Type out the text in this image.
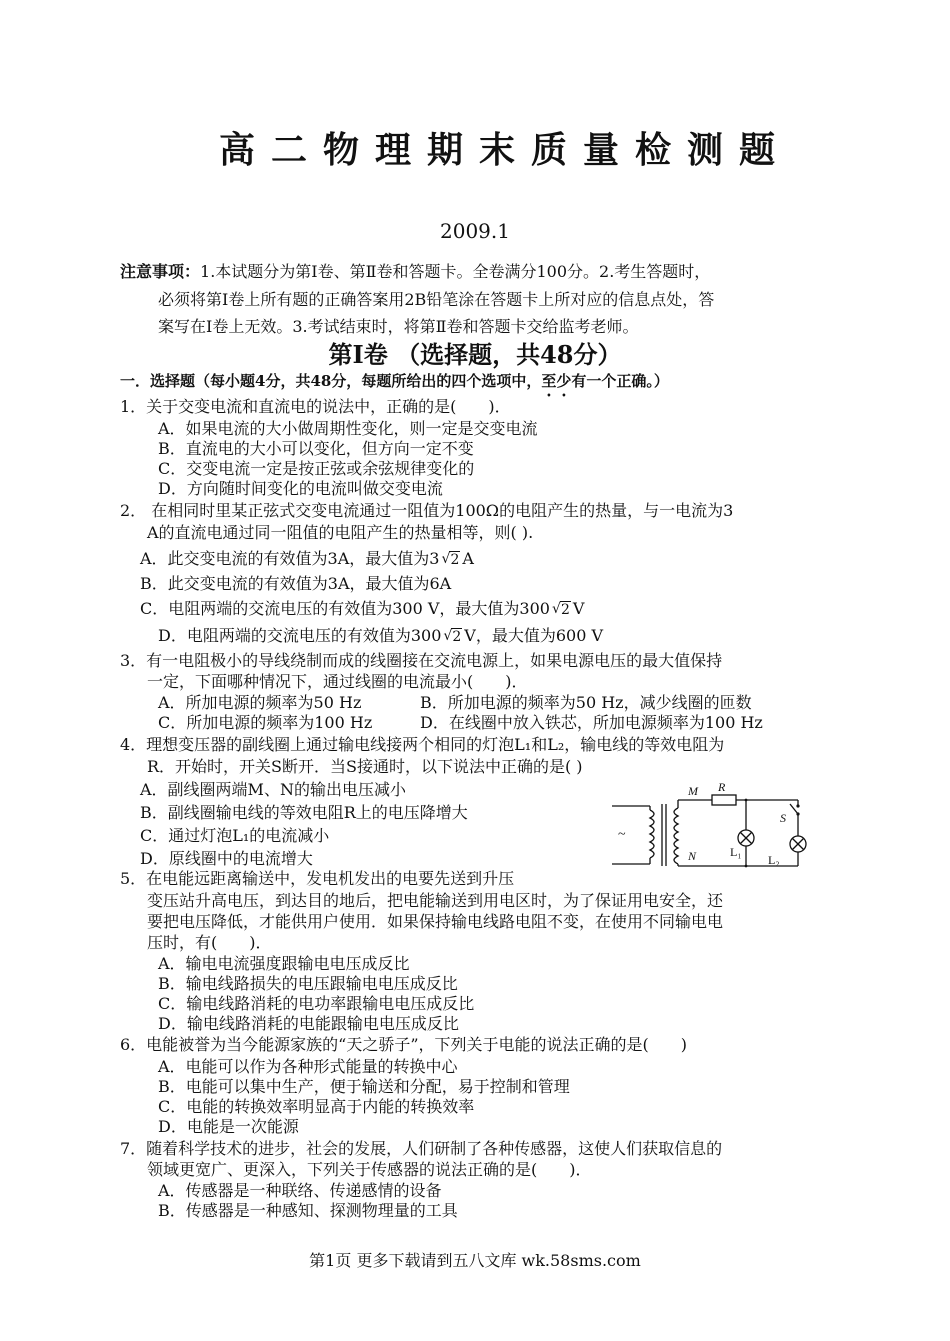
高二物理期末质量检测题
2009.1
注意事项：1.本试题分为第Ⅰ卷、第Ⅱ卷和答题卡。全卷满分100分。2.考生答题时，
必须将第Ⅰ卷上所有题的正确答案用2B铅笔涂在答题卡上所对应的信息点处，答
案写在Ⅰ卷上无效。3.考试结束时，将第Ⅱ卷和答题卡交给监考老师。
第Ⅰ卷 （选择题，共48分）
一．选择题（每小题4分，共48分，每题所给出的四个选项中，至少有一个正确。）
1．关于交变电流和直流电的说法中，正确的是(　　)．
A．如果电流的大小做周期性变化，则一定是交变电流
B．直流电的大小可以变化，但方向一定不变
C．交变电流一定是按正弦或余弦规律变化的
D．方向随时间变化的电流叫做交变电流
2． 在相同时里某正弦式交变电流通过一阻值为100Ω的电阻产生的热量，与一电流为3
A的直流电通过同一阻值的电阻产生的热量相等，则( ).
A．此交变电流的有效值为3A，最大值为3 √ 2 A
B．此交变电流的有效值为3A，最大值为6A
C．电阻两端的交流电压的有效值为300 V，最大值为300 √ 2 V
D．电阻两端的交流电压的有效值为300 √ 2 V，最大值为600 V
3．有一电阻极小的导线绕制而成的线圈接在交流电源上，如果电源电压的最大值保持
一定，下面哪种情况下，通过线圈的电流最小(　　)．
A．所加电源的频率为50 Hz	B．所加电源的频率为50 Hz，减少线圈的匝数
C．所加电源的频率为100 Hz	D．在线圈中放入铁芯，所加电源频率为100 Hz
4．理想变压器的副线圈上通过输电线接两个相同的灯泡L₁和L₂，输电线的等效电阻为
R．开始时，开关S断开．当S接通时，以下说法中正确的是( )
A．副线圈两端M、N的输出电压减小
B．副线圈输电线的等效电阻R上的电压降增大
C．通过灯泡L₁的电流减小
D．原线圈中的电流增大
M R
S
N	L₁
L₂
~
5．在电能远距离输送中，发电机发出的电要先送到升压
变压站升高电压，到达目的地后，把电能输送到用电区时，为了保证用电安全，还
要把电压降低，才能供用户使用．如果保持输电线路电阻不变，在使用不同输电电
压时，有(　　)．
A．输电电流强度跟输电电压成反比
B．输电线路损失的电压跟输电电压成反比
C．输电线路消耗的电功率跟输电电压成反比
D．输电线路消耗的电能跟输电电压成反比
6．电能被誉为当今能源家族的“天之骄子”，下列关于电能的说法正确的是(　　)
A．电能可以作为各种形式能量的转换中心
B．电能可以集中生产，便于输送和分配，易于控制和管理
C．电能的转换效率明显高于内能的转换效率
D．电能是一次能源
7．随着科学技术的进步，社会的发展，人们研制了各种传感器，这使人们获取信息的
领域更宽广、更深入，下列关于传感器的说法正确的是(　　)．
A．传感器是一种联络、传递感情的设备
B．传感器是一种感知、探测物理量的工具
第1页 更多下载请到五八文库 wk.58sms.com
